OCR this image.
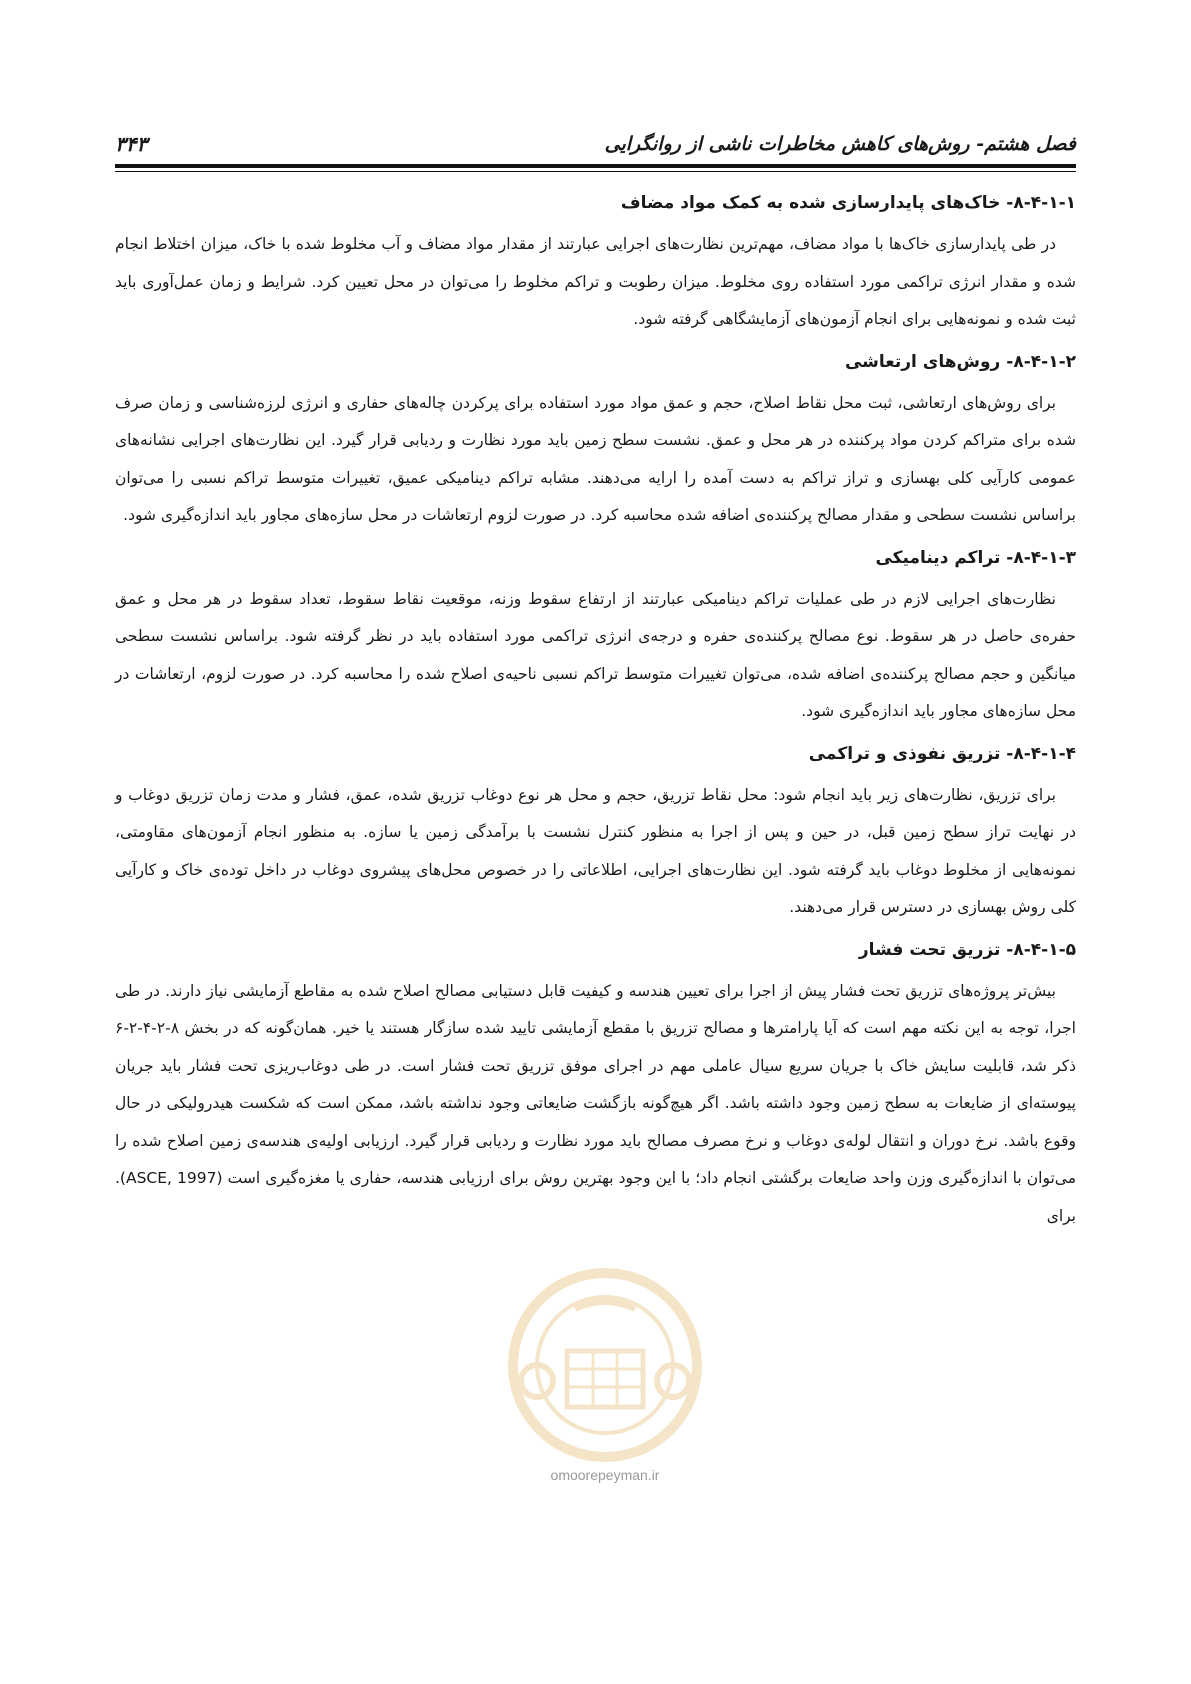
فصل هشتم- روش‌های کاهش مخاطرات ناشی از روانگرایی
۳۴۳
۸-۴-۱-۱- خاک‌های پایدارسازی شده به کمک مواد مضاف

در طی پایدارسازی خاک‌ها با مواد مضاف، مهم‌ترین نظارت‌های اجرایی عبارتند از مقدار مواد مضاف و آب مخلوط شده با خاک، میزان اختلاط انجام شده و مقدار انرژی تراکمی مورد استفاده روی مخلوط. میزان رطوبت و تراکم مخلوط را می‌توان در محل تعیین کرد. شرایط و زمان عمل‌آوری باید ثبت شده و نمونه‌هایی برای انجام آزمون‌های آزمایشگاهی گرفته شود.

۸-۴-۱-۲- روش‌های ارتعاشی

برای روش‌های ارتعاشی، ثبت محل نقاط اصلاح، حجم و عمق مواد مورد استفاده برای پرکردن چاله‌های حفاری و انرژی لرزه‌شناسی و زمان صرف شده برای متراکم کردن مواد پرکننده در هر محل و عمق. نشست سطح زمین باید مورد نظارت و ردیابی قرار گیرد. این نظارت‌های اجرایی نشانه‌های عمومی کارآیی کلی بهسازی و تراز تراکم به دست آمده را ارایه می‌دهند. مشابه تراکم دینامیکی عمیق، تغییرات متوسط تراکم نسبی را می‌توان براساس نشست سطحی و مقدار مصالح پرکننده‌ی اضافه شده محاسبه کرد. در صورت لزوم ارتعاشات در محل سازه‌های مجاور باید اندازه‌گیری شود.

۸-۴-۱-۳- تراکم دینامیکی

نظارت‌های اجرایی لازم در طی عملیات تراکم دینامیکی عبارتند از ارتفاع سقوط وزنه، موقعیت نقاط سقوط، تعداد سقوط در هر محل و عمق حفره‌ی حاصل در هر سقوط. نوع مصالح پرکننده‌ی حفره و درجه‌ی انرژی تراکمی مورد استفاده باید در نظر گرفته شود. براساس نشست سطحی میانگین و حجم مصالح پرکننده‌ی اضافه شده، می‌توان تغییرات متوسط تراکم نسبی ناحیه‌ی اصلاح شده را محاسبه کرد. در صورت لزوم، ارتعاشات در محل سازه‌های مجاور باید اندازه‌گیری شود.

۸-۴-۱-۴- تزریق نفوذی و تراکمی

برای تزریق، نظارت‌های زیر باید انجام شود: محل نقاط تزریق، حجم و محل هر نوع دوغاب تزریق شده، عمق، فشار و مدت زمان تزریق دوغاب و در نهایت تراز سطح زمین قبل، در حین و پس از اجرا به منظور کنترل نشست با برآمدگی زمین یا سازه. به منظور انجام آزمون‌های مقاومتی، نمونه‌هایی از مخلوط دوغاب باید گرفته شود. این نظارت‌های اجرایی، اطلاعاتی را در خصوص محل‌های پیشروی دوغاب در داخل توده‌ی خاک و کارآیی کلی روش بهسازی در دسترس قرار می‌دهند.

۸-۴-۱-۵- تزریق تحت فشار

بیش‌تر پروژه‌های تزریق تحت فشار پیش از اجرا برای تعیین هندسه و کیفیت قابل دستیابی مصالح اصلاح شده به مقاطع آزمایشی نیاز دارند. در طی اجرا، توجه به این نکته مهم است که آیا پارامترها و مصالح تزریق با مقطع آزمایشی تایید شده سازگار هستند یا خیر. همان‌گونه که در بخش ۸-۲-۴-۲-۶ ذکر شد، قابلیت سایش خاک با جریان سریع سیال عاملی مهم در اجرای موفق تزریق تحت فشار است. در طی دوغاب‌ریزی تحت فشار باید جریان پیوسته‌ای از ضایعات به سطح زمین وجود داشته باشد. اگر هیچ‌گونه بازگشت ضایعاتی وجود نداشته باشد، ممکن است که شکست هیدرولیکی در حال وقوع باشد. نرخ دوران و انتقال لوله‌ی دوغاب و نرخ مصرف مصالح باید مورد نظارت و ردیابی قرار گیرد. ارزیابی اولیه‌ی هندسه‌ی زمین اصلاح شده را می‌توان با اندازه‌گیری وزن واحد ضایعات برگشتی انجام داد؛ با این وجود بهترین روش برای ارزیابی هندسه، حفاری یا مغزه‌گیری است (ASCE, 1997). برای

omoorepeyman.ir
